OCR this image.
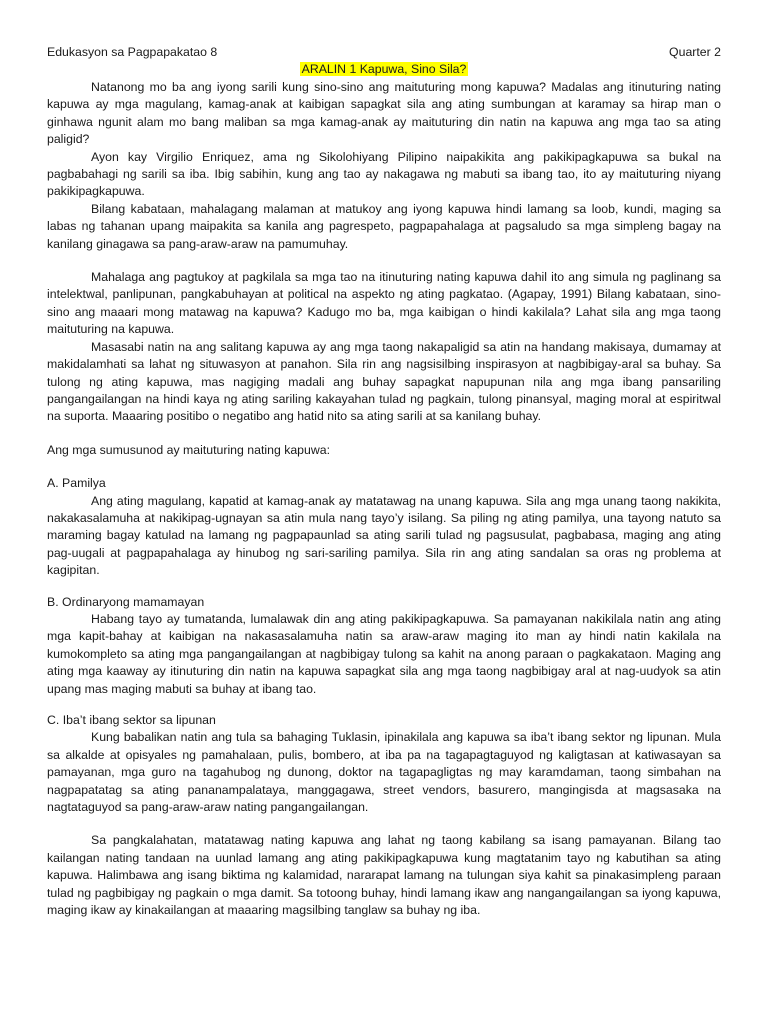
Edukasyon sa Pagpapakatao 8	Quarter 2
ARALIN 1 Kapuwa, Sino Sila?

Natanong mo ba ang iyong sarili kung sino-sino ang maituturing mong kapuwa? Madalas ang itinuturing nating kapuwa ay mga magulang, kamag-anak at kaibigan sapagkat sila ang ating sumbungan at karamay sa hirap man o ginhawa ngunit alam mo bang maliban sa mga kamag-anak ay maituturing din natin na kapuwa ang mga tao sa ating paligid?

Ayon kay Virgilio Enriquez, ama ng Sikolohiyang Pilipino naipakikita ang pakikipagkapuwa sa bukal na pagbabahagi ng sarili sa iba. Ibig sabihin, kung ang tao ay nakagawa ng mabuti sa ibang tao, ito ay maituturing niyang pakikipagkapuwa.

Bilang kabataan, mahalagang malaman at matukoy ang iyong kapuwa hindi lamang sa loob, kundi, maging sa labas ng tahanan upang maipakita sa kanila ang pagrespeto, pagpapahalaga at pagsaludo sa mga simpleng bagay na kanilang ginagawa sa pang-araw-araw na pamumuhay.

Mahalaga ang pagtukoy at pagkilala sa mga tao na itinuturing nating kapuwa dahil ito ang simula ng paglinang sa intelektwal, panlipunan, pangkabuhayan at political na aspekto ng ating pagkatao. (Agapay, 1991) Bilang kabataan, sino-sino ang maaari mong matawag na kapuwa? Kadugo mo ba, mga kaibigan o hindi kakilala? Lahat sila ang mga taong maituturing na kapuwa.

Masasabi natin na ang salitang kapuwa ay ang mga taong nakapaligid sa atin na handang makisaya, dumamay at makidalamhati sa lahat ng situwasyon at panahon. Sila rin ang nagsisilbing inspirasyon at nagbibigay-aral sa buhay. Sa tulong ng ating kapuwa, mas nagiging madali ang buhay sapagkat napupunan nila ang mga ibang pansariling pangangailangan na hindi kaya ng ating sariling kakayahan tulad ng pagkain, tulong pinansyal, maging moral at espiritwal na suporta. Maaaring positibo o negatibo ang hatid nito sa ating sarili at sa kanilang buhay.

Ang mga sumusunod ay maituturing nating kapuwa:

A. Pamilya

Ang ating magulang, kapatid at kamag-anak ay matatawag na unang kapuwa. Sila ang mga unang taong nakikita, nakakasalamuha at nakikipag-ugnayan sa atin mula nang tayo’y isilang. Sa piling ng ating pamilya, una tayong natuto sa maraming bagay katulad na lamang ng pagpapaunlad sa ating sarili tulad ng pagsusulat, pagbabasa, maging ang ating pag-uugali at pagpapahalaga ay hinubog ng sari-sariling pamilya. Sila rin ang ating sandalan sa oras ng problema at kagipitan.

B. Ordinaryong mamamayan

Habang tayo ay tumatanda, lumalawak din ang ating pakikipagkapuwa. Sa pamayanan nakikilala natin ang ating mga kapit-bahay at kaibigan na nakasasalamuha natin sa araw-araw maging ito man ay hindi natin kakilala na kumokompleto sa ating mga pangangailangan at nagbibigay tulong sa kahit na anong paraan o pagkakataon. Maging ang ating mga kaaway ay itinuturing din natin na kapuwa sapagkat sila ang mga taong nagbibigay aral at nag-uudyok sa atin upang mas maging mabuti sa buhay at ibang tao.

C. Iba’t ibang sektor sa lipunan

Kung babalikan natin ang tula sa bahaging Tuklasin, ipinakilala ang kapuwa sa iba’t ibang sektor ng lipunan. Mula sa alkalde at opisyales ng pamahalaan, pulis, bombero, at iba pa na tagapagtaguyod ng kaligtasan at katiwasayan sa pamayanan, mga guro na tagahubog ng dunong, doktor na tagapagligtas ng may karamdaman, taong simbahan na nagpapatatag sa ating pananampalataya, manggagawa, street vendors, basurero, mangingisda at magsasaka na nagtataguyod sa pang-araw-araw nating pangangailangan.

Sa pangkalahatan, matatawag nating kapuwa ang lahat ng taong kabilang sa isang pamayanan. Bilang tao kailangan nating tandaan na uunlad lamang ang ating pakikipagkapuwa kung magtatanim tayo ng kabutihan sa ating kapuwa. Halimbawa ang isang biktima ng kalamidad, nararapat lamang na tulungan siya kahit sa pinakasimpleng paraan tulad ng pagbibigay ng pagkain o mga damit. Sa totoong buhay, hindi lamang ikaw ang nangangailangan sa iyong kapuwa, maging ikaw ay kinakailangan at maaaring magsilbing tanglaw sa buhay ng iba.
